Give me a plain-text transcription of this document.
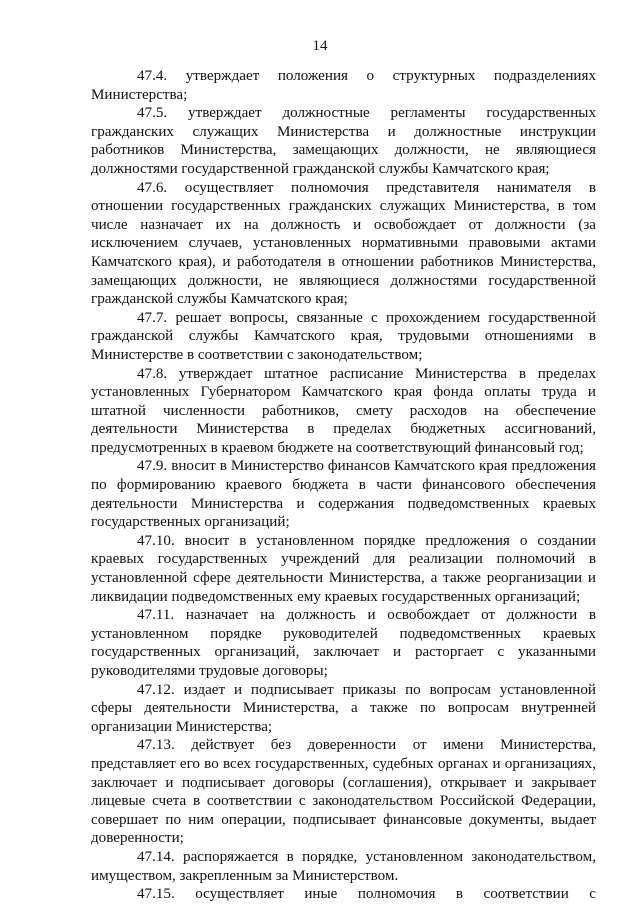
14

47.4. утверждает положения о структурных подразделениях Министерства;

47.5. утверждает должностные регламенты государственных гражданских служащих Министерства и должностные инструкции работников Министерства, замещающих должности, не являющиеся должностями государственной гражданской службы Камчатского края;

47.6. осуществляет полномочия представителя нанимателя в отношении государственных гражданских служащих Министерства, в том числе назначает их на должность и освобождает от должности (за исключением случаев, установленных нормативными правовыми актами Камчатского края), и работодателя в отношении работников Министерства, замещающих должности, не являющиеся должностями государственной гражданской службы Камчатского края;

47.7. решает вопросы, связанные с прохождением государственной гражданской службы Камчатского края, трудовыми отношениями в Министерстве в соответствии с законодательством;

47.8. утверждает штатное расписание Министерства в пределах установленных Губернатором Камчатского края фонда оплаты труда и штатной численности работников, смету расходов на обеспечение деятельности Министерства в пределах бюджетных ассигнований, предусмотренных в краевом бюджете на соответствующий финансовый год;

47.9. вносит в Министерство финансов Камчатского края предложения по формированию краевого бюджета в части финансового обеспечения деятельности Министерства и содержания подведомственных краевых государственных организаций;

47.10. вносит в установленном порядке предложения о создании краевых государственных учреждений для реализации полномочий в установленной сфере деятельности Министерства, а также реорганизации и ликвидации подведомственных ему краевых государственных организаций;

47.11. назначает на должность и освобождает от должности в установленном порядке руководителей подведомственных краевых государственных организаций, заключает и расторгает с указанными руководителями трудовые договоры;

47.12. издает и подписывает приказы по вопросам установленной сферы деятельности Министерства, а также по вопросам внутренней организации Министерства;

47.13. действует без доверенности от имени Министерства, представляет его во всех государственных, судебных органах и организациях, заключает и подписывает договоры (соглашения), открывает и закрывает лицевые счета в соответствии с законодательством Российской Федерации, совершает по ним операции, подписывает финансовые документы, выдает доверенности;

47.14. распоряжается в порядке, установленном законодательством, имуществом, закрепленным за Министерством.

47.15. осуществляет иные полномочия в соответствии с
